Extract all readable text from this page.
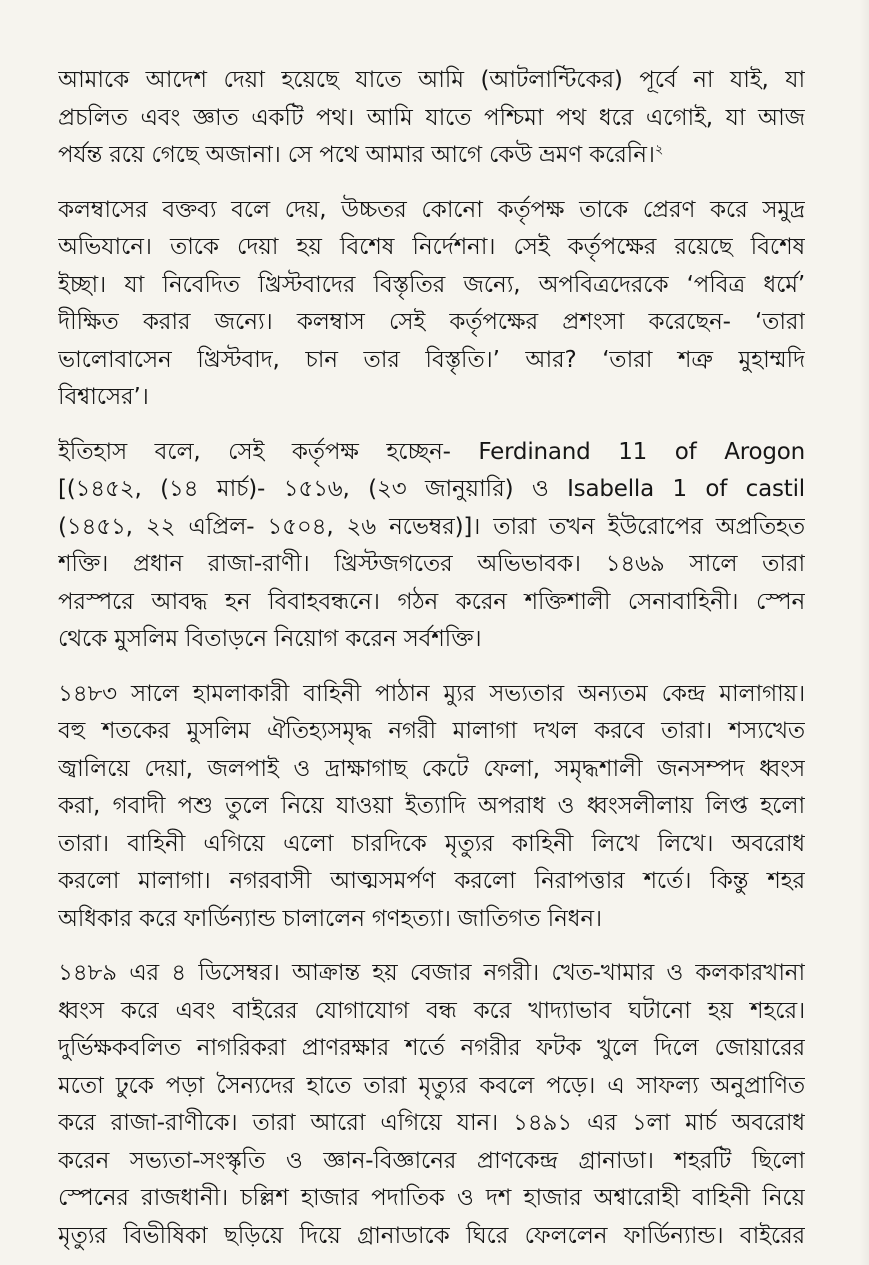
আমাকে আদেশ দেয়া হয়েছে যাতে আমি (আটলান্টিকের) পূর্বে না যাই, যা
প্রচলিত এবং জ্ঞাত একটি পথ। আমি যাতে পশ্চিমা পথ ধরে এগোই, যা আজ
পর্যন্ত রয়ে গেছে অজানা। সে পথে আমার আগে কেউ ভ্রমণ করেনি।$^২$
কলম্বাসের বক্তব্য বলে দেয়, উচ্চতর কোনো কর্তৃপক্ষ তাকে প্রেরণ করে সমুদ্র
অভিযানে। তাকে দেয়া হয় বিশেষ নির্দেশনা। সেই কর্তৃপক্ষের রয়েছে বিশেষ
ইচ্ছা। যা নিবেদিত খ্রিস্টবাদের বিস্তৃতির জন্যে, অপবিত্রদেরকে ‘পবিত্র ধর্মে’
দীক্ষিত করার জন্যে। কলম্বাস সেই কর্তৃপক্ষের প্রশংসা করেছেন- ‘তারা
ভালোবাসেন খ্রিস্টবাদ, চান তার বিস্তৃতি।’ আর? ‘তারা শত্রু মুহাম্মদি
বিশ্বাসের’।
ইতিহাস বলে, সেই কর্তৃপক্ষ হচ্ছেন- Ferdinand 11 of Arogon
[(১৪৫২, (১৪ মার্চ)- ১৫১৬, (২৩ জানুয়ারি) ও Isabella 1 of castil
(১৪৫১, ২২ এপ্রিল- ১৫০৪, ২৬ নভেম্বর)]। তারা তখন ইউরোপের অপ্রতিহত
শক্তি। প্রধান রাজা-রাণী। খ্রিস্টজগতের অভিভাবক। ১৪৬৯ সালে তারা
পরস্পরে আবদ্ধ হন বিবাহবন্ধনে। গঠন করেন শক্তিশালী সেনাবাহিনী। স্পেন
থেকে মুসলিম বিতাড়নে নিয়োগ করেন সর্বশক্তি।
১৪৮৩ সালে হামলাকারী বাহিনী পাঠান ম্যুর সভ্যতার অন্যতম কেন্দ্র মালাগায়।
বহু শতকের মুসলিম ঐতিহ্যসমৃদ্ধ নগরী মালাগা দখল করবে তারা। শস্যখেত
জ্বালিয়ে দেয়া, জলপাই ও দ্রাক্ষাগাছ কেটে ফেলা, সমৃদ্ধশালী জনসম্পদ ধ্বংস
করা, গবাদী পশু তুলে নিয়ে যাওয়া ইত্যাদি অপরাধ ও ধ্বংসলীলায় লিপ্ত হলো
তারা। বাহিনী এগিয়ে এলো চারদিকে মৃত্যুর কাহিনী লিখে লিখে। অবরোধ
করলো মালাগা। নগরবাসী আত্মসমর্পণ করলো নিরাপত্তার শর্তে। কিন্তু শহর
অধিকার করে ফার্ডিন্যান্ড চালালেন গণহত্যা। জাতিগত নিধন।
১৪৮৯ এর ৪ ডিসেম্বর। আক্রান্ত হয় বেজার নগরী। খেত-খামার ও কলকারখানা
ধ্বংস করে এবং বাইরের যোগাযোগ বন্ধ করে খাদ্যাভাব ঘটানো হয় শহরে।
দুর্ভিক্ষকবলিত নাগরিকরা প্রাণরক্ষার শর্তে নগরীর ফটক খুলে দিলে জোয়ারের
মতো ঢুকে পড়া সৈন্যদের হাতে তারা মৃত্যুর কবলে পড়ে। এ সাফল্য অনুপ্রাণিত
করে রাজা-রাণীকে। তারা আরো এগিয়ে যান। ১৪৯১ এর ১লা মার্চ অবরোধ
করেন সভ্যতা-সংস্কৃতি ও জ্ঞান-বিজ্ঞানের প্রাণকেন্দ্র গ্রানাডা। শহরটি ছিলো
স্পেনের রাজধানী। চল্লিশ হাজার পদাতিক ও দশ হাজার অশ্বারোহী বাহিনী নিয়ে
মৃত্যুর বিভীষিকা ছড়িয়ে দিয়ে গ্রানাডাকে ঘিরে ফেললেন ফার্ডিন্যান্ড। বাইরের
